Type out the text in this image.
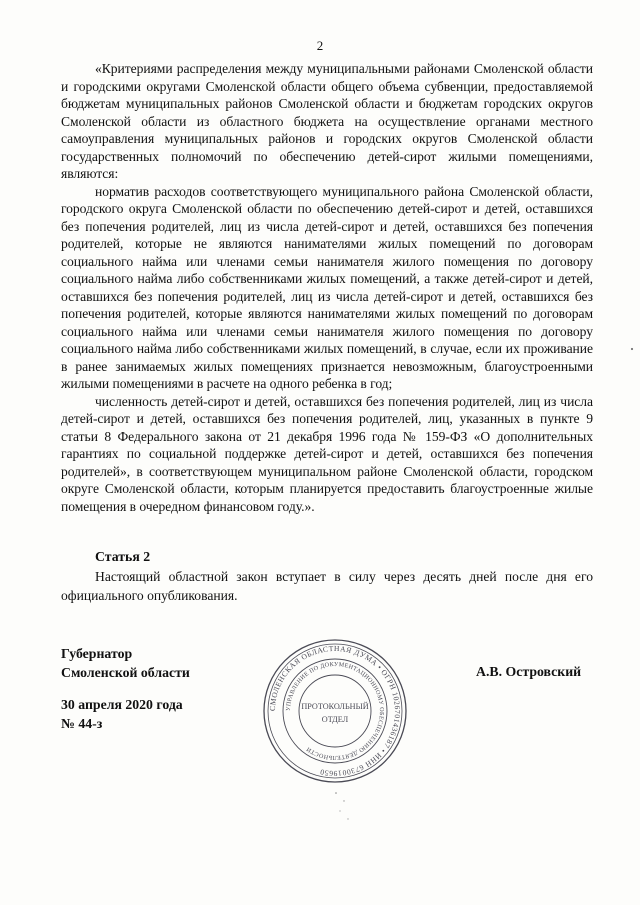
2

«Критериями распределения между муниципальными районами Смоленской области и городскими округами Смоленской области общего объема субвенции, предоставляемой бюджетам муниципальных районов Смоленской области и бюджетам городских округов Смоленской области из областного бюджета на осуществление органами местного самоуправления муниципальных районов и городских округов Смоленской области государственных полномочий по обеспечению детей-сирот жилыми помещениями, являются:

норматив расходов соответствующего муниципального района Смоленской области, городского округа Смоленской области по обеспечению детей-сирот и детей, оставшихся без попечения родителей, лиц из числа детей-сирот и детей, оставшихся без попечения родителей, которые не являются нанимателями жилых помещений по договорам социального найма или членами семьи нанимателя жилого помещения по договору социального найма либо собственниками жилых помещений, а также детей-сирот и детей, оставшихся без попечения родителей, лиц из числа детей-сирот и детей, оставшихся без попечения родителей, которые являются нанимателями жилых помещений по договорам социального найма или членами семьи нанимателя жилого помещения по договору социального найма либо собственниками жилых помещений, в случае, если их проживание в ранее занимаемых жилых помещениях признается невозможным, благоустроенными жилыми помещениями в расчете на одного ребенка в год;

численность детей-сирот и детей, оставшихся без попечения родителей, лиц из числа детей-сирот и детей, оставшихся без попечения родителей, лиц, указанных в пункте 9 статьи 8 Федерального закона от 21 декабря 1996 года № 159-ФЗ «О дополнительных гарантиях по социальной поддержке детей-сирот и детей, оставшихся без попечения родителей», в соответствующем муниципальном районе Смоленской области, городском округе Смоленской области, которым планируется предоставить благоустроенные жилые помещения в очередном финансовом году.».

Статья 2

Настоящий областной закон вступает в силу через десять дней после дня его официального опубликования.

Губернатор
Смоленской области	А.В. Островский
30 апреля 2020 года
№ 44-з
СМОЛЕНСКАЯ ОБЛАСТНАЯ ДУМА • ОГРН 1026701436187 • ИНН 6730019650
УПРАВЛЕНИЕ ПО ДОКУМЕНТАЦИОННОМУ ОБЕСПЕЧЕНИЮ ДЕЯТЕЛЬНОСТИ
ПРОТОКОЛЬНЫЙ
ОТДЕЛ
